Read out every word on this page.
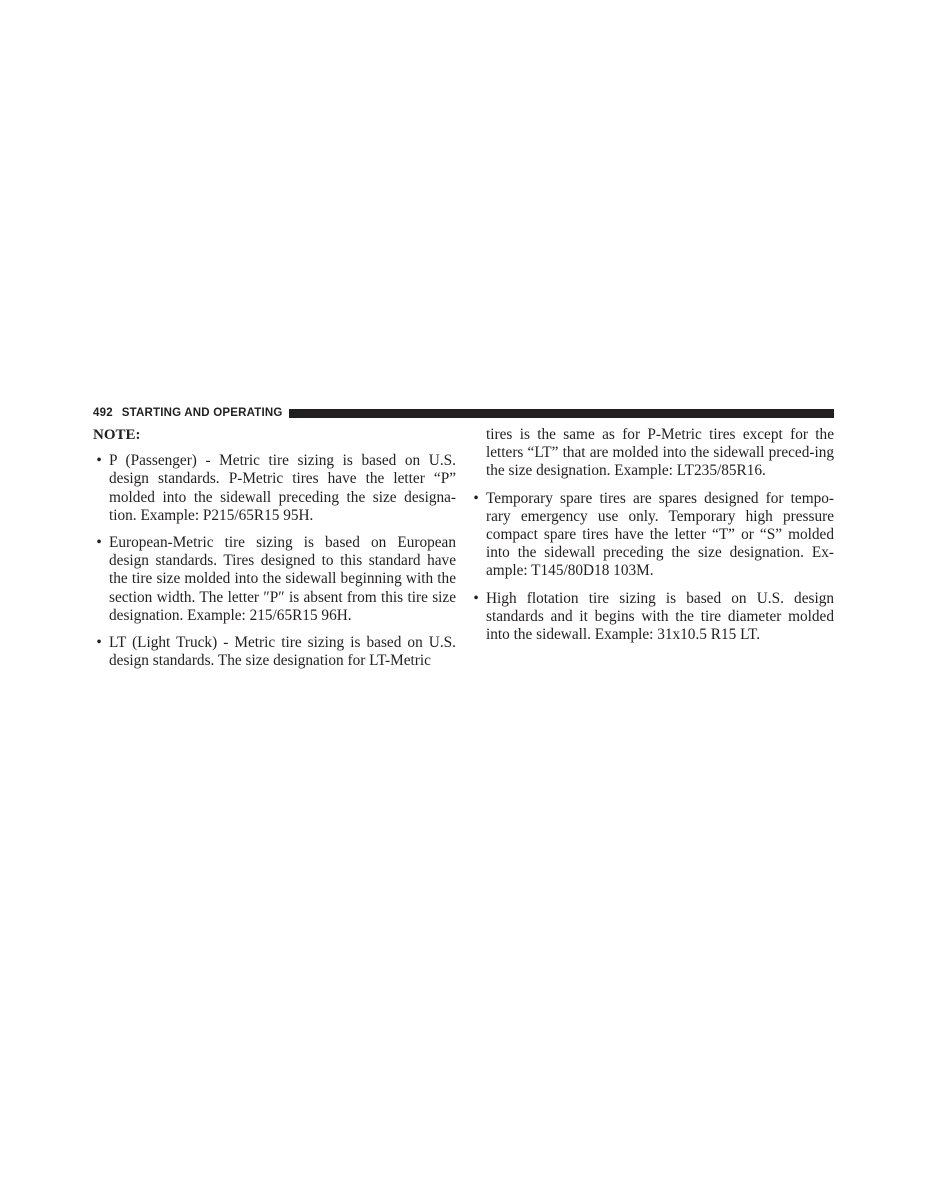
492 STARTING AND OPERATING
NOTE:
• P (Passenger) - Metric tire sizing is based on U.S. design standards. P-Metric tires have the letter “P” molded into the sidewall preceding the size designa-tion. Example: P215/65R15 95H.
• European-Metric tire sizing is based on European design standards. Tires designed to this standard have the tire size molded into the sidewall beginning with the section width. The letter ″P″ is absent from this tire size designation. Example: 215/65R15 96H.
• LT (Light Truck) - Metric tire sizing is based on U.S. design standards. The size designation for LT-Metric
tires is the same as for P-Metric tires except for the letters “LT” that are molded into the sidewall preced-ing the size designation. Example: LT235/85R16.
• Temporary spare tires are spares designed for tempo-rary emergency use only. Temporary high pressure compact spare tires have the letter “T” or “S” molded into the sidewall preceding the size designation. Ex-ample: T145/80D18 103M.
• High flotation tire sizing is based on U.S. design standards and it begins with the tire diameter molded into the sidewall. Example: 31x10.5 R15 LT.
